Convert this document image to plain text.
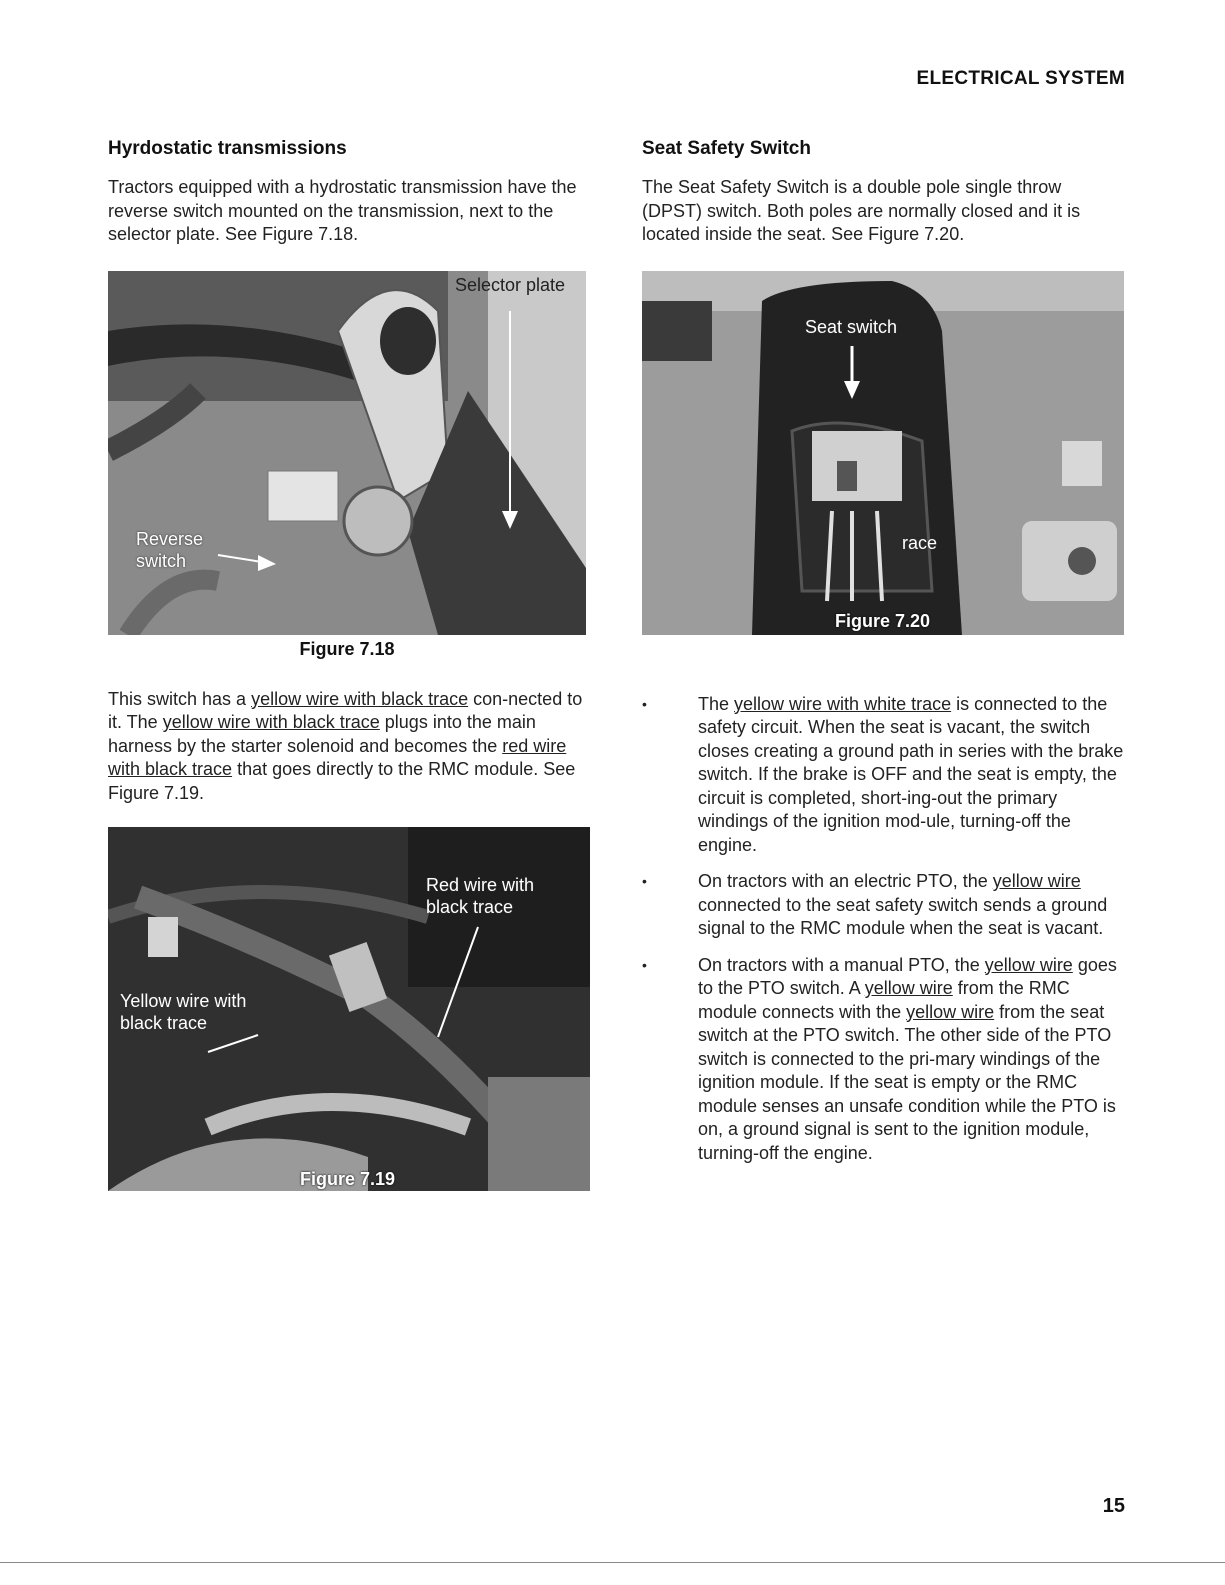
ELECTRICAL SYSTEM
Hyrdostatic transmissions

Tractors equipped with a hydrostatic transmission have the reverse switch mounted on the transmission, next to the selector plate. See Figure 7.18.

Selector plate
Reverse
switch
Figure 7.18

This switch has a yellow wire with black trace con-nected to it. The yellow wire with black trace plugs into the main harness by the starter solenoid and becomes the red wire with black trace that goes directly to the RMC module. See Figure 7.19.

Red wire with
black trace
Yellow wire with
black trace
Figure 7.19
Seat Safety Switch

The Seat Safety Switch is a double pole single throw (DPST) switch. Both poles are normally closed and it is located inside the seat. See Figure 7.20.

Seat switch
race
Figure 7.20
•	The yellow wire with white trace is connected to the safety circuit. When the seat is vacant, the switch closes creating a ground path in series with the brake switch. If the brake is OFF and the seat is empty, the circuit is completed, short-ing-out the primary windings of the ignition mod-ule, turning-off the engine.
•	On tractors with an electric PTO, the yellow wire connected to the seat safety switch sends a ground signal to the RMC module when the seat is vacant.
•	On tractors with a manual PTO, the yellow wire goes to the PTO switch. A yellow wire from the RMC module connects with the yellow wire from the seat switch at the PTO switch. The other side of the PTO switch is connected to the pri-mary windings of the ignition module. If the seat is empty or the RMC module senses an unsafe condition while the PTO is on, a ground signal is sent to the ignition module, turning-off the engine.
15
